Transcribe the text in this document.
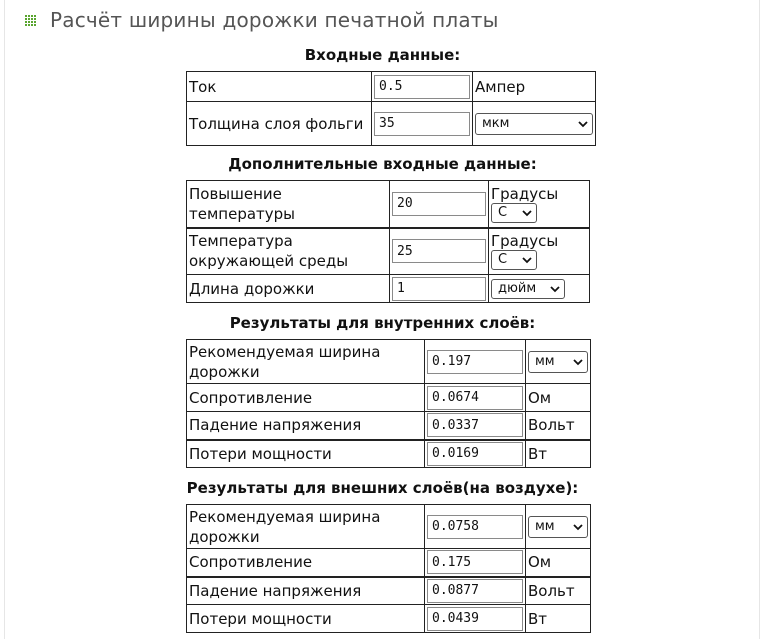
Расчёт ширины дорожки печатной платы
Входные данные:
Ток	0.5	Ампер
Толщина слоя фольги	35	мкм
Дополнительные входные данные:
Повышение температуры	20	Градусы
C

Температура окружающей среды	25	Градусы
C

Длина дорожки	1	дюйм
Результаты для внутренних слоёв:
Рекомендуемая ширина дорожки	0.197	мм

Сопротивление	0.0674	Ом
Падение напряжения	0.0337	Вольт
Потери мощности	0.0169	Вт
Результаты для внешних слоёв(на воздухе):
Рекомендуемая ширина дорожки	0.0758	мм

Сопротивление	0.175	Ом
Падение напряжения	0.0877	Вольт
Потери мощности	0.0439	Вт
